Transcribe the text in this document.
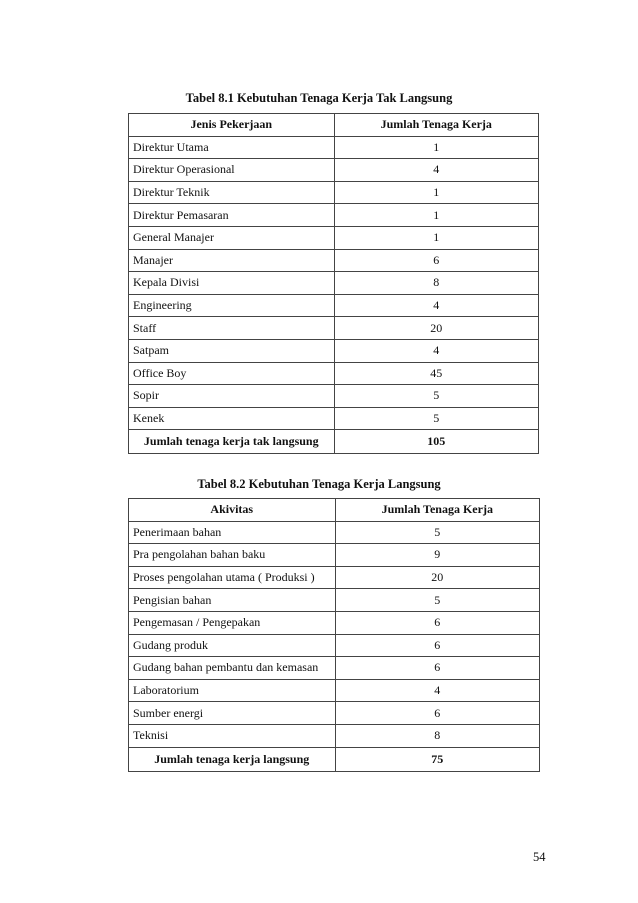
Tabel 8.1 Kebutuhan Tenaga Kerja Tak Langsung
Jenis Pekerjaan	Jumlah Tenaga Kerja
Direktur Utama	1
Direktur Operasional	4
Direktur Teknik	1
Direktur Pemasaran	1
General Manajer	1
Manajer	6
Kepala Divisi	8
Engineering	4
Staff	20
Satpam	4
Office Boy	45
Sopir	5
Kenek	5
Jumlah tenaga kerja tak langsung	105
Tabel 8.2 Kebutuhan Tenaga Kerja Langsung
Akivitas	Jumlah Tenaga Kerja
Penerimaan bahan	5
Pra pengolahan bahan baku	9
Proses pengolahan utama ( Produksi )	20
Pengisian bahan	5
Pengemasan / Pengepakan	6
Gudang produk	6
Gudang bahan pembantu dan kemasan	6
Laboratorium	4
Sumber energi	6
Teknisi	8
Jumlah tenaga kerja langsung	75
54
